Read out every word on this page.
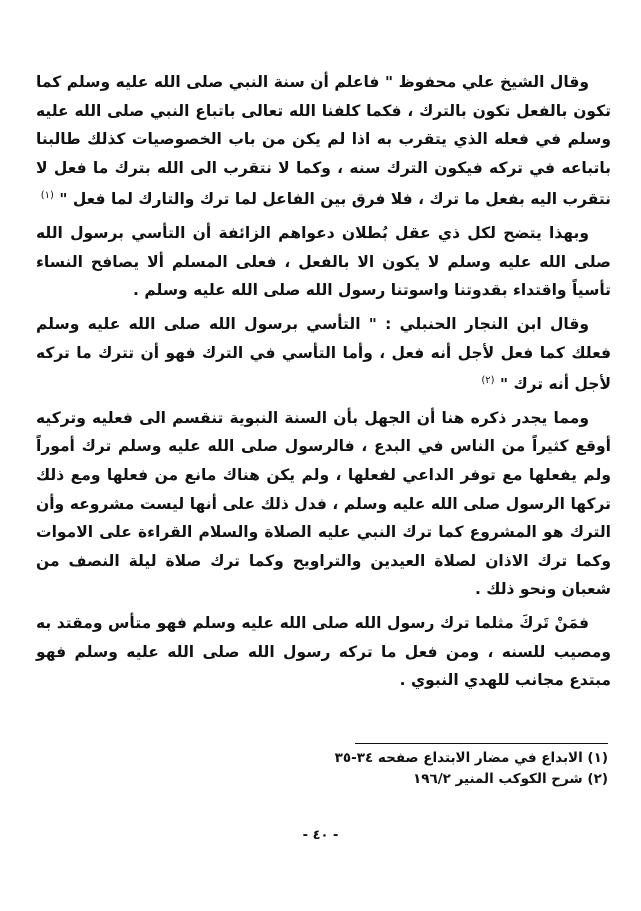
وقال الشيخ علي محفوظ " فاعلم أن سنة النبي صلى الله عليه وسلم كما تكون بالفعل تكون بالترك ، فكما كلفنا الله تعالى باتباع النبي صلى الله عليه وسلم في فعله الذي يتقرب به اذا لم يكن من باب الخصوصيات كذلك طالبنا باتباعه في تركه فيكون الترك سنه ، وكما لا نتقرب الى الله بترك ما فعل لا نتقرب اليه بفعل ما ترك ، فلا فرق بين الفاعل لما ترك والتارك لما فعل " $^{(١)}$

وبهذا يتضح لكل ذي عقل بُطلان دعواهم الزائفة أن التأسي برسول الله صلى الله عليه وسلم لا يكون الا بالفعل ، فعلى المسلم ألا يصافح النساء تأسياً واقتداء بقدوتنا واسوتنا رسول الله صلى الله عليه وسلم .

وقال ابن النجار الحنبلي : " التأسي برسول الله صلى الله عليه وسلم فعلك كما فعل لأجل أنه فعل ، وأما التأسي في الترك فهو أن تترك ما تركه لأجل أنه ترك " $^{(٢)}$

ومما يجدر ذكره هنا أن الجهل بأن السنة النبوية تنقسم الى فعليه وتركيه أوقع كثيراً من الناس في البدع ، فالرسول صلى الله عليه وسلم ترك أموراً ولم يفعلها مع توفر الداعي لفعلها ، ولم يكن هناك مانع من فعلها ومع ذلك تركها الرسول صلى الله عليه وسلم ، فدل ذلك على أنها ليست مشروعه وأن الترك هو المشروع كما ترك النبي عليه الصلاة والسلام القراءة على الاموات وكما ترك الاذان لصلاة العيدين والتراويح وكما ترك صلاة ليلة النصف من شعبان ونحو ذلك .

فمَنْ تَركَ مثلما ترك رسول الله صلى الله عليه وسلم فهو متأس ومقتد به ومصيب للسنه ، ومن فعل ما تركه رسول الله صلى الله عليه وسلم فهو مبتدع مجانب للهدي النبوي .

(١) الابداع في مضار الابتداع صفحه ٣٤-٣٥

(٢) شرح الكوكب المنير ١٩٦/٢

- ٤٠ -
